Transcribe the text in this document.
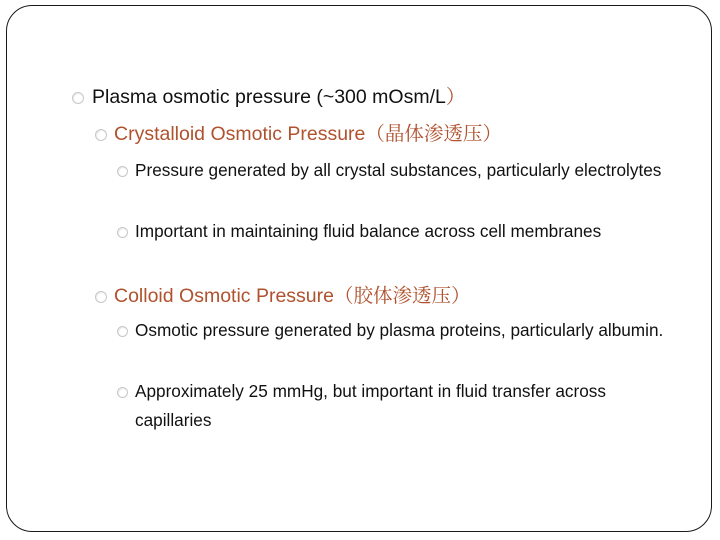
Plasma osmotic pressure (~300 mOsm/L）
Crystalloid Osmotic Pressure（晶体渗透压）
Pressure generated by all crystal substances, particularly electrolytes
Important in maintaining fluid balance across cell membranes
Colloid Osmotic Pressure（胶体渗透压）
Osmotic pressure generated by plasma proteins, particularly albumin.
Approximately 25 mmHg, but important in fluid transfer across capillaries
